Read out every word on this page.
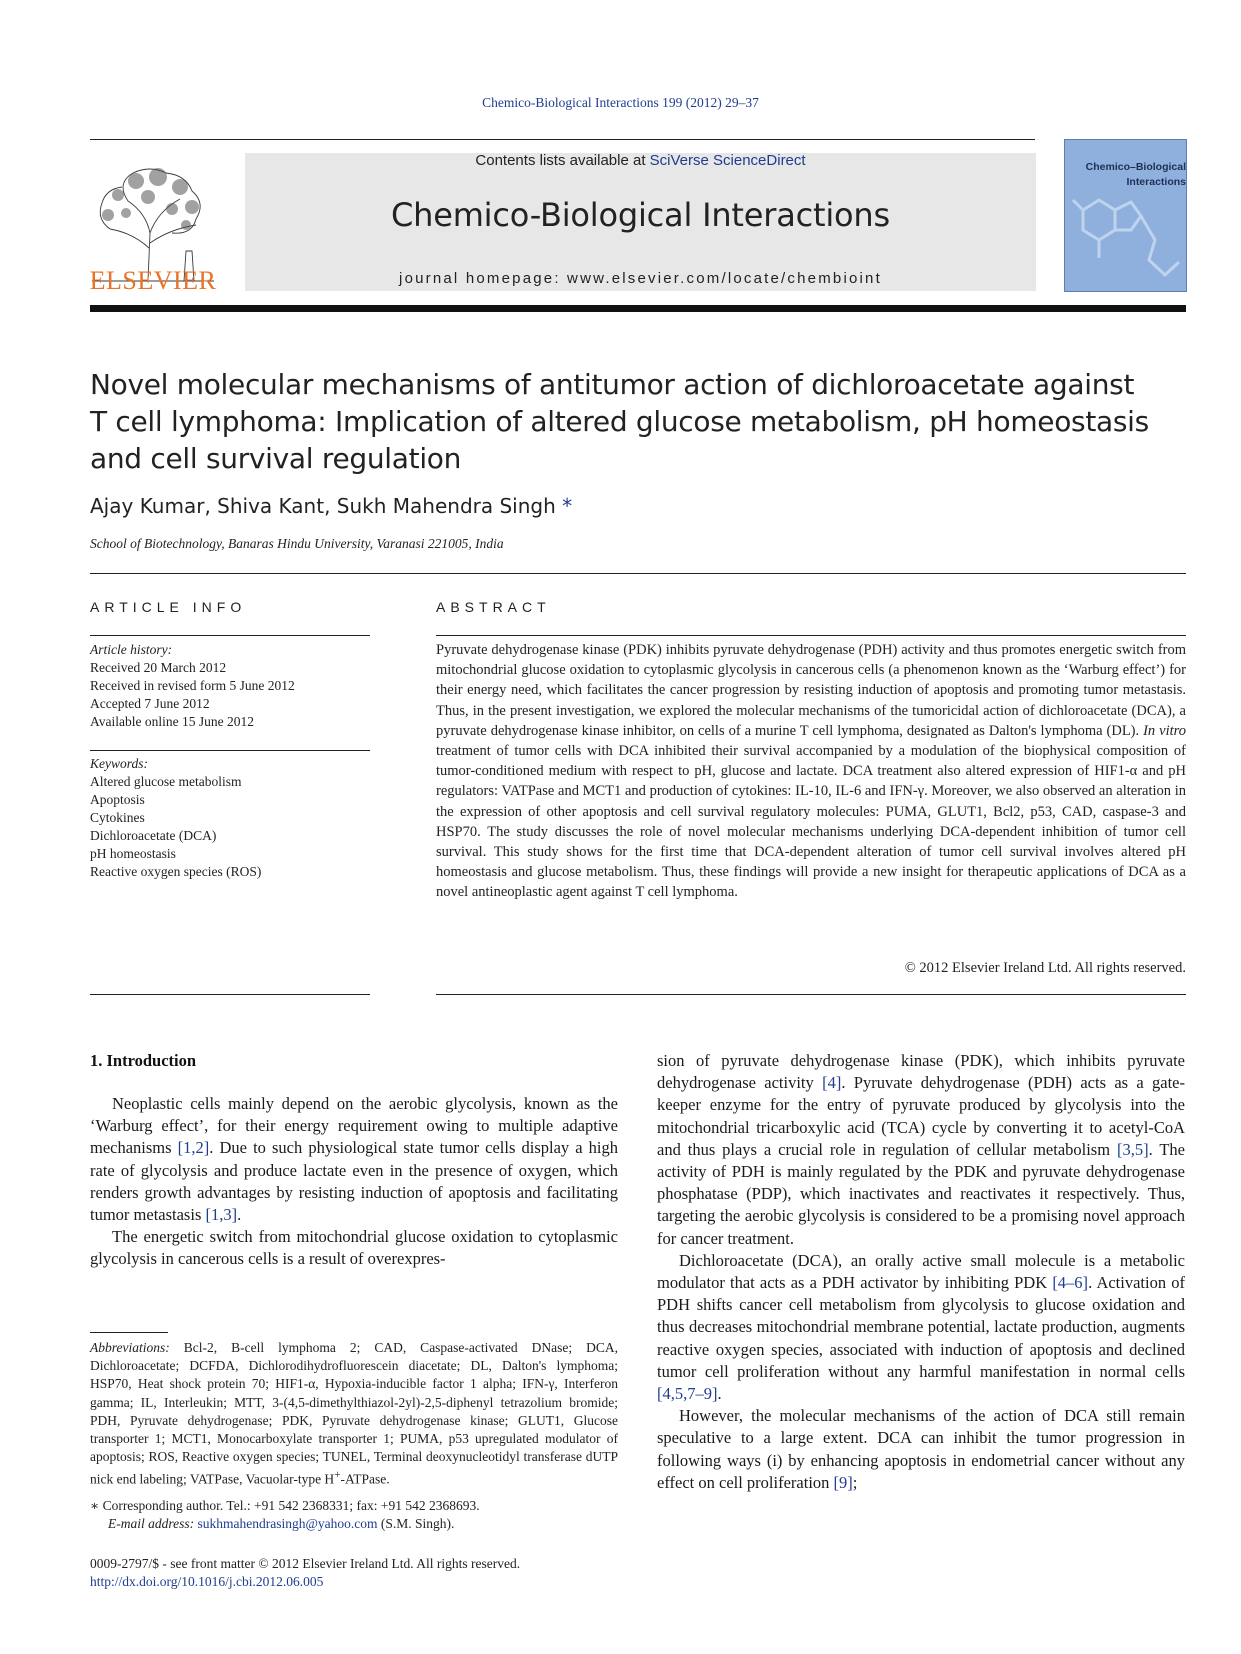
Chemico-Biological Interactions 199 (2012) 29–37
ELSEVIER
Contents lists available at SciVerse ScienceDirect
Chemico-Biological Interactions
journal homepage: www.elsevier.com/locate/chembioint
Chemico–Biological
Interactions
Novel molecular mechanisms of antitumor action of dichloroacetate against
T cell lymphoma: Implication of altered glucose metabolism, pH homeostasis
and cell survival regulation
Ajay Kumar, Shiva Kant, Sukh Mahendra Singh *
School of Biotechnology, Banaras Hindu University, Varanasi 221005, India
ARTICLE INFO
Article history:
Received 20 March 2012
Received in revised form 5 June 2012
Accepted 7 June 2012
Available online 15 June 2012
Keywords:
Altered glucose metabolism
Apoptosis
Cytokines
Dichloroacetate (DCA)
pH homeostasis
Reactive oxygen species (ROS)
ABSTRACT

Pyruvate dehydrogenase kinase (PDK) inhibits pyruvate dehydrogenase (PDH) activity and thus promotes energetic switch from mitochondrial glucose oxidation to cytoplasmic glycolysis in cancerous cells (a phenomenon known as the ‘Warburg effect’) for their energy need, which facilitates the cancer progression by resisting induction of apoptosis and promoting tumor metastasis. Thus, in the present investigation, we explored the molecular mechanisms of the tumoricidal action of dichloroacetate (DCA), a pyruvate dehydrogenase kinase inhibitor, on cells of a murine T cell lymphoma, designated as Dalton's lymphoma (DL). In vitro treatment of tumor cells with DCA inhibited their survival accompanied by a modulation of the biophysical composition of tumor-conditioned medium with respect to pH, glucose and lactate. DCA treatment also altered expression of HIF1-α and pH regulators: VATPase and MCT1 and production of cytokines: IL-10, IL-6 and IFN-γ. Moreover, we also observed an alteration in the expression of other apoptosis and cell survival regulatory molecules: PUMA, GLUT1, Bcl2, p53, CAD, caspase-3 and HSP70. The study discusses the role of novel molecular mechanisms underlying DCA-dependent inhibition of tumor cell survival. This study shows for the first time that DCA-dependent alteration of tumor cell survival involves altered pH homeostasis and glucose metabolism. Thus, these findings will provide a new insight for therapeutic applications of DCA as a novel antineoplastic agent against T cell lymphoma.

© 2012 Elsevier Ireland Ltd. All rights reserved.
1. Introduction

Neoplastic cells mainly depend on the aerobic glycolysis, known as the ‘Warburg effect’, for their energy requirement owing to multiple adaptive mechanisms [1,2]. Due to such physiological state tumor cells display a high rate of glycolysis and produce lactate even in the presence of oxygen, which renders growth advantages by resisting induction of apoptosis and facilitating tumor metastasis [1,3].

The energetic switch from mitochondrial glucose oxidation to cytoplasmic glycolysis in cancerous cells is a result of overexpres-

sion of pyruvate dehydrogenase kinase (PDK), which inhibits pyruvate dehydrogenase activity [4]. Pyruvate dehydrogenase (PDH) acts as a gate-keeper enzyme for the entry of pyruvate produced by glycolysis into the mitochondrial tricarboxylic acid (TCA) cycle by converting it to acetyl-CoA and thus plays a crucial role in regulation of cellular metabolism [3,5]. The activity of PDH is mainly regulated by the PDK and pyruvate dehydrogenase phosphatase (PDP), which inactivates and reactivates it respectively. Thus, targeting the aerobic glycolysis is considered to be a promising novel approach for cancer treatment.

Dichloroacetate (DCA), an orally active small molecule is a metabolic modulator that acts as a PDH activator by inhibiting PDK [4–6]. Activation of PDH shifts cancer cell metabolism from glycolysis to glucose oxidation and thus decreases mitochondrial membrane potential, lactate production, augments reactive oxygen species, associated with induction of apoptosis and declined tumor cell proliferation without any harmful manifestation in normal cells [4,5,7–9].

However, the molecular mechanisms of the action of DCA still remain speculative to a large extent. DCA can inhibit the tumor progression in following ways (i) by enhancing apoptosis in endometrial cancer without any effect on cell proliferation [9];

Abbreviations: Bcl-2, B-cell lymphoma 2; CAD, Caspase-activated DNase; DCA, Dichloroacetate; DCFDA, Dichlorodihydrofluorescein diacetate; DL, Dalton's lymphoma; HSP70, Heat shock protein 70; HIF1-α, Hypoxia-inducible factor 1 alpha; IFN-γ, Interferon gamma; IL, Interleukin; MTT, 3-(4,5-dimethylthiazol-2yl)-2,5-diphenyl tetrazolium bromide; PDH, Pyruvate dehydrogenase; PDK, Pyruvate dehydrogenase kinase; GLUT1, Glucose transporter 1; MCT1, Monocarboxylate transporter 1; PUMA, p53 upregulated modulator of apoptosis; ROS, Reactive oxygen species; TUNEL, Terminal deoxynucleotidyl transferase dUTP nick end labeling; VATPase, Vacuolar-type H+-ATPase.

∗ Corresponding author. Tel.: +91 542 2368331; fax: +91 542 2368693.

E-mail address: sukhmahendrasingh@yahoo.com (S.M. Singh).

0009-2797/$ - see front matter © 2012 Elsevier Ireland Ltd. All rights reserved.

http://dx.doi.org/10.1016/j.cbi.2012.06.005
